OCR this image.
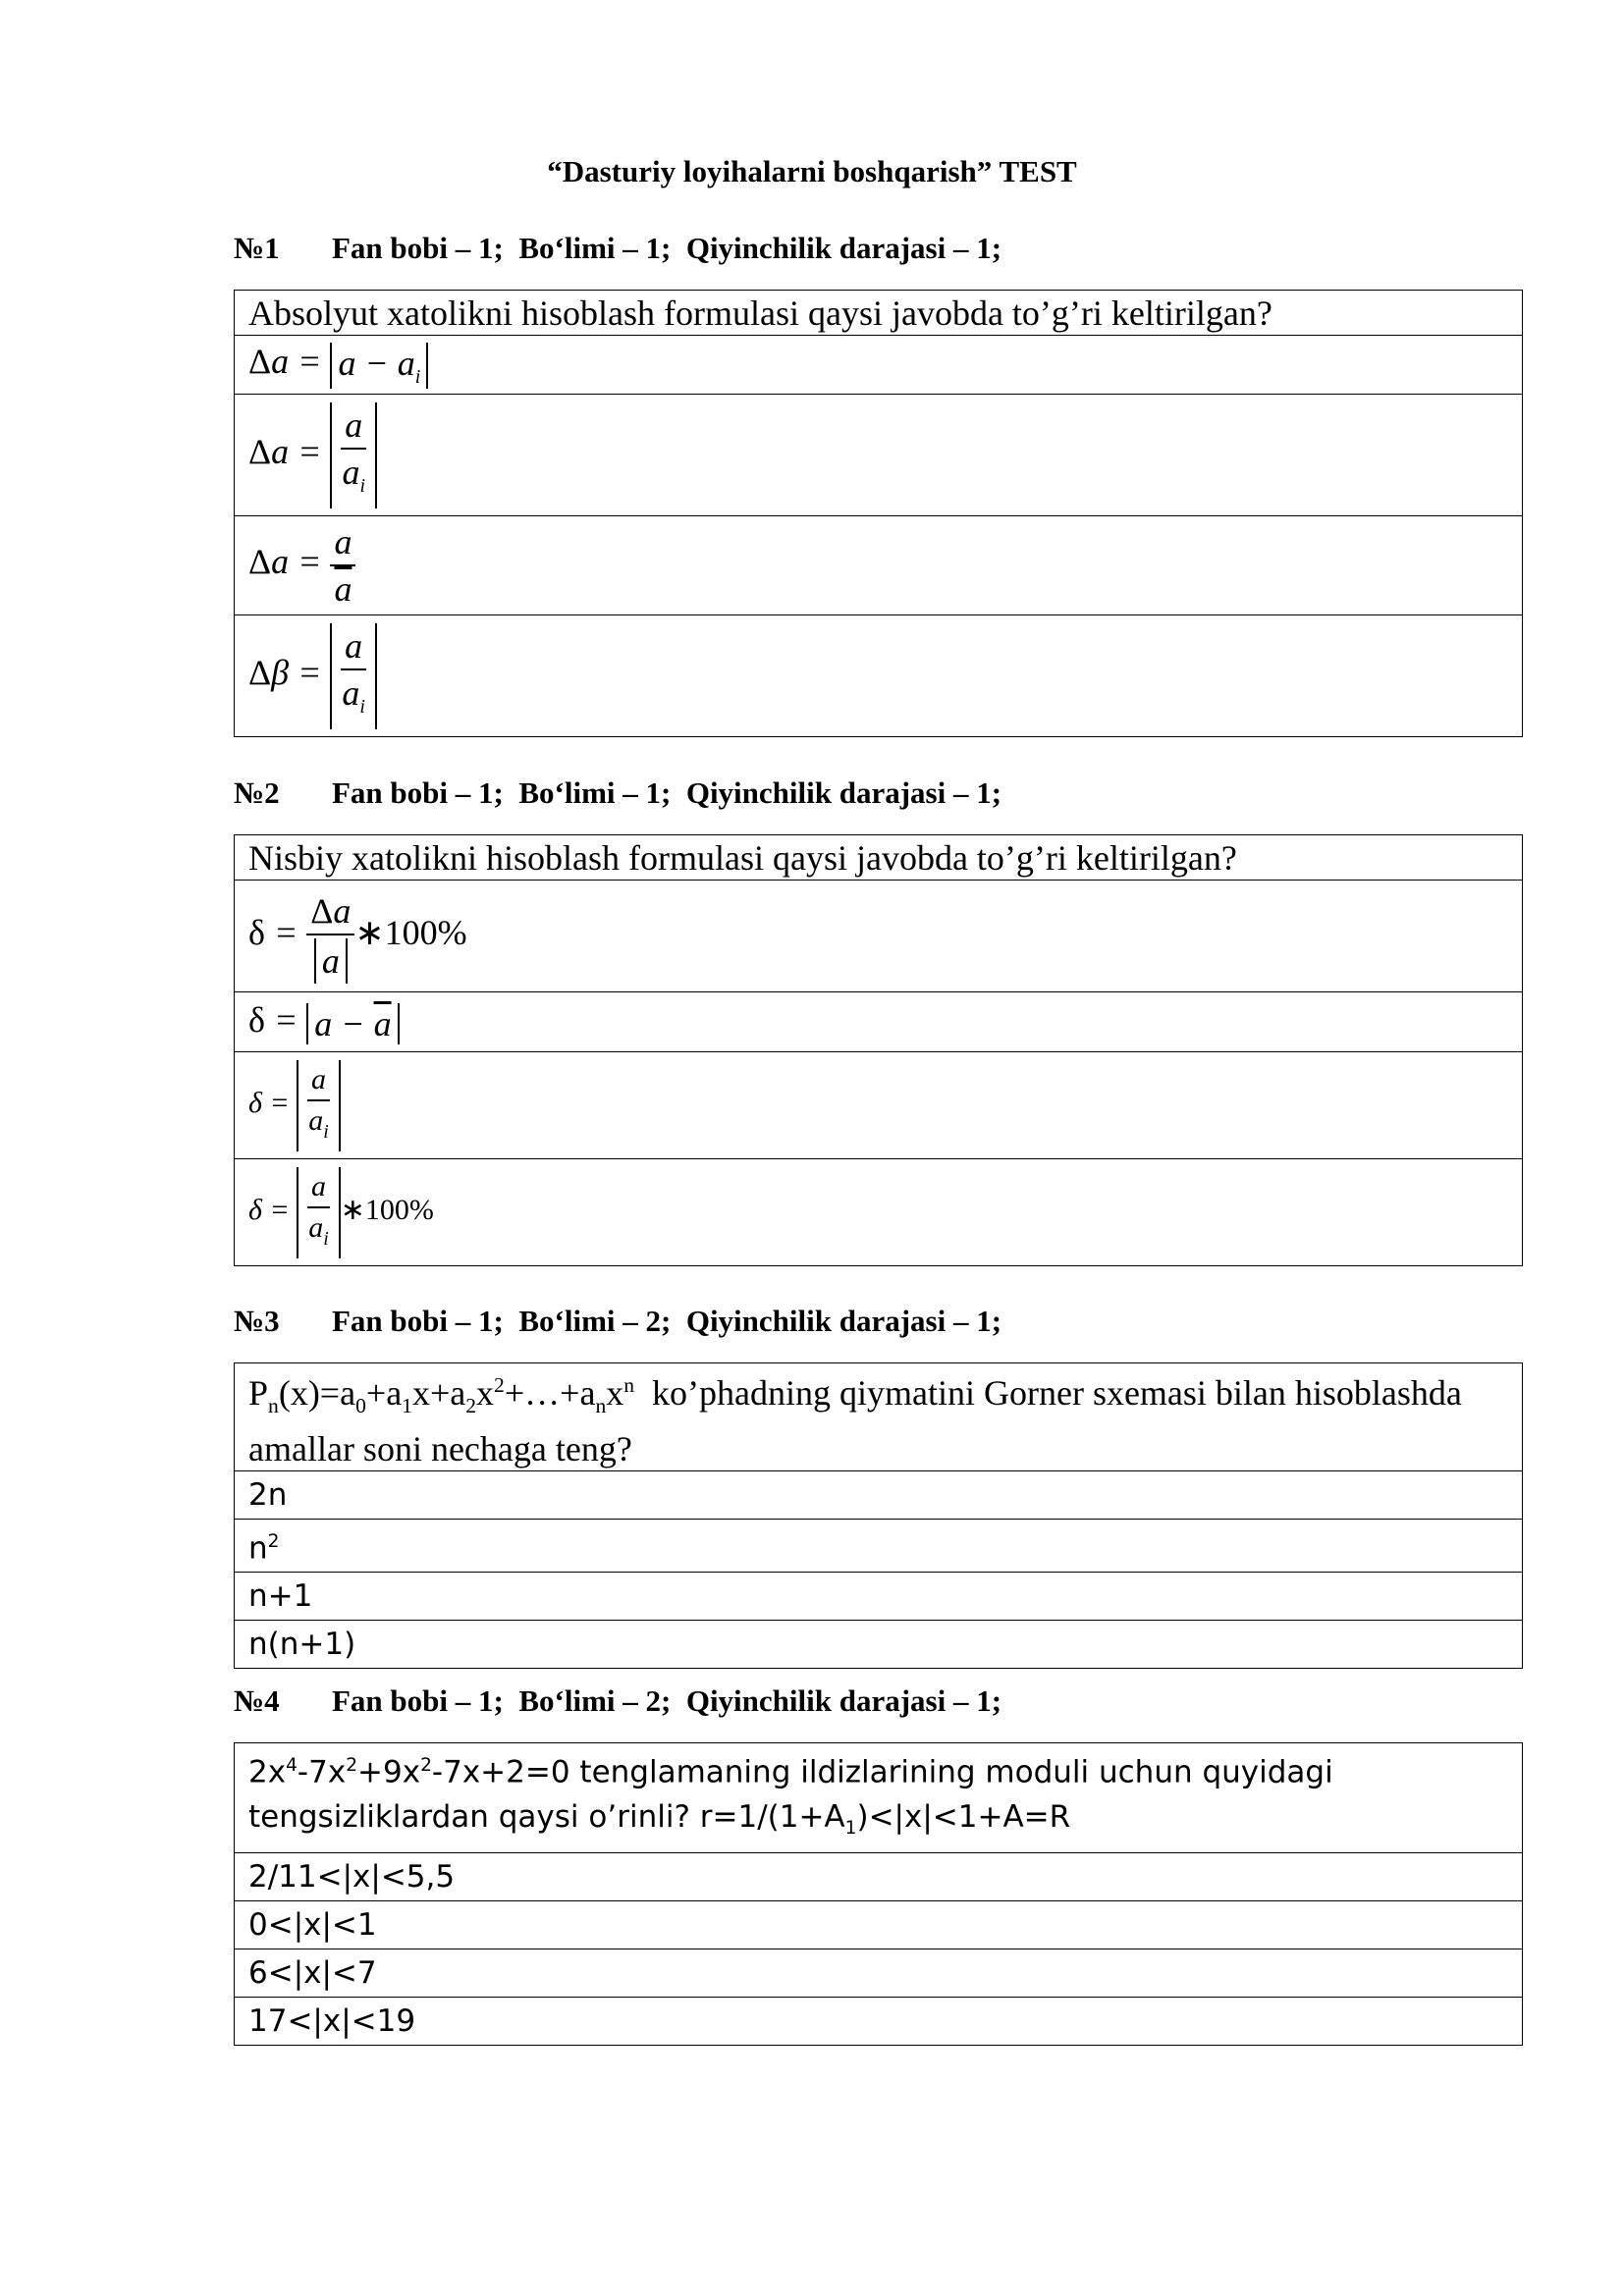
“Dasturiy loyihalarni boshqarish” TEST
№1 Fan bobi – 1;  Bo‘limi – 1;  Qiyinchilik darajasi – 1;
Absolyut xatolikni hisoblash formulasi qaysi javobda to’g’ri keltirilgan?
$\Delta a = a - a_i$
$\Delta a = \frac{a}{a_i}$

$\Delta a = \frac{a}{a}$

$\Delta\beta = \frac{a}{a_i}$
№2 Fan bobi – 1;  Bo‘limi – 1;  Qiyinchilik darajasi – 1;
Nisbiy xatolikni hisoblash formulasi qaysi javobda to’g’ri keltirilgan?
$\delta = \frac{\Delta a}{a}$ ∗100%
$\delta = a - \overline{a}$
$\delta = \frac{a}{a_i}$

$\delta = \frac{a}{a_i}$ ∗100%
№3 Fan bobi – 1;  Bo‘limi – 2;  Qiyinchilik darajasi – 1;
$P_n(x)=a_0+a_1x+a_2x^2+\dots+a_nx^n$  ko’phadning qiymatini Gorner sxemasi bilan hisoblashda amallar soni nechaga teng?
2n
$n^2$
n+1
n(n+1)
№4 Fan bobi – 1;  Bo‘limi – 2;  Qiyinchilik darajasi – 1;
$2x^4-7x^2+9x^2-7x+2=0$ tenglamaning ildizlarining moduli uchun quyidagi tengsizliklardan qaysi o’rinli? $r=1/(1+A_1)<|x|<1+A=R$
2/11<|x|<5,5
0<|x|<1
6<|x|<7
17<|x|<19
